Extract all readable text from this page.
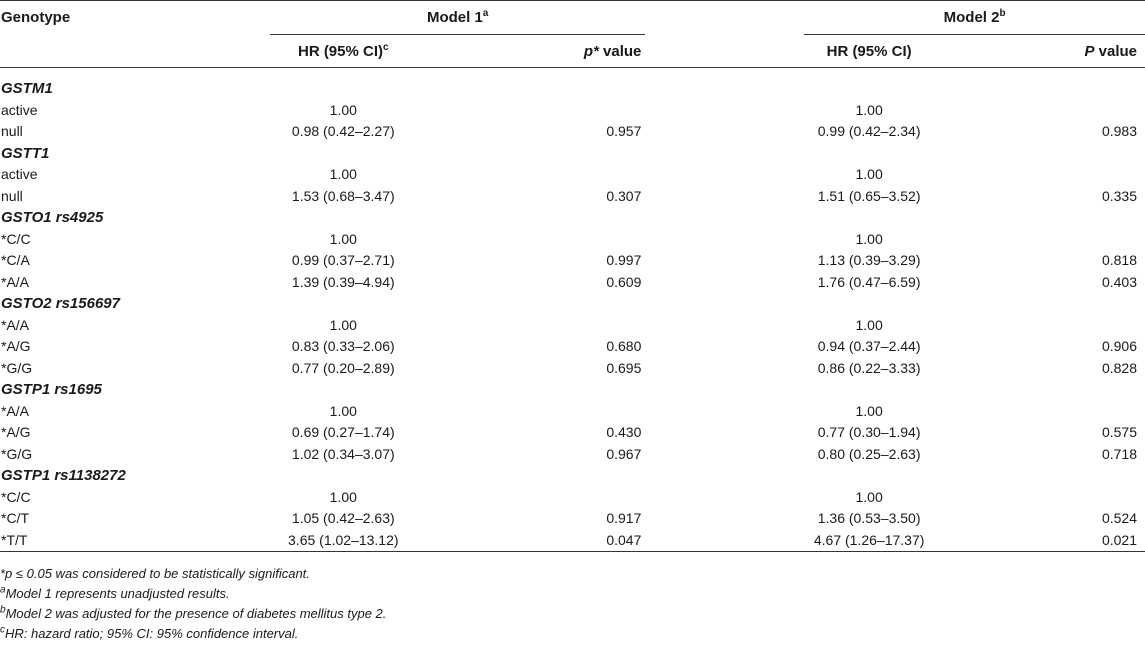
Genotype	Model 1$^a$			Model 2$^b$
	HR (95% CI)$^c$	p* value		HR (95% CI)	P value
GSTM1					
active	1.00			1.00	
null	0.98 (0.42–2.27)	0.957		0.99 (0.42–2.34)	0.983
GSTT1					
active	1.00			1.00	
null	1.53 (0.68–3.47)	0.307		1.51 (0.65–3.52)	0.335
GSTO1 rs4925					
*C/C	1.00			1.00	
*C/A	0.99 (0.37–2.71)	0.997		1.13 (0.39–3.29)	0.818
*A/A	1.39 (0.39–4.94)	0.609		1.76 (0.47–6.59)	0.403
GSTO2 rs156697					
*A/A	1.00			1.00	
*A/G	0.83 (0.33–2.06)	0.680		0.94 (0.37–2.44)	0.906
*G/G	0.77 (0.20–2.89)	0.695		0.86 (0.22–3.33)	0.828
GSTP1 rs1695					
*A/A	1.00			1.00	
*A/G	0.69 (0.27–1.74)	0.430		0.77 (0.30–1.94)	0.575
*G/G	1.02 (0.34–3.07)	0.967		0.80 (0.25–2.63)	0.718
GSTP1 rs1138272					
*C/C	1.00			1.00	
*C/T	1.05 (0.42–2.63)	0.917		1.36 (0.53–3.50)	0.524
*T/T	3.65 (1.02–13.12)	0.047		4.67 (1.26–17.37)	0.021
*p ≤ 0.05 was considered to be statistically significant.
$^a$Model 1 represents unadjusted results.
$^b$Model 2 was adjusted for the presence of diabetes mellitus type 2.
$^c$HR: hazard ratio; 95% CI: 95% confidence interval.
